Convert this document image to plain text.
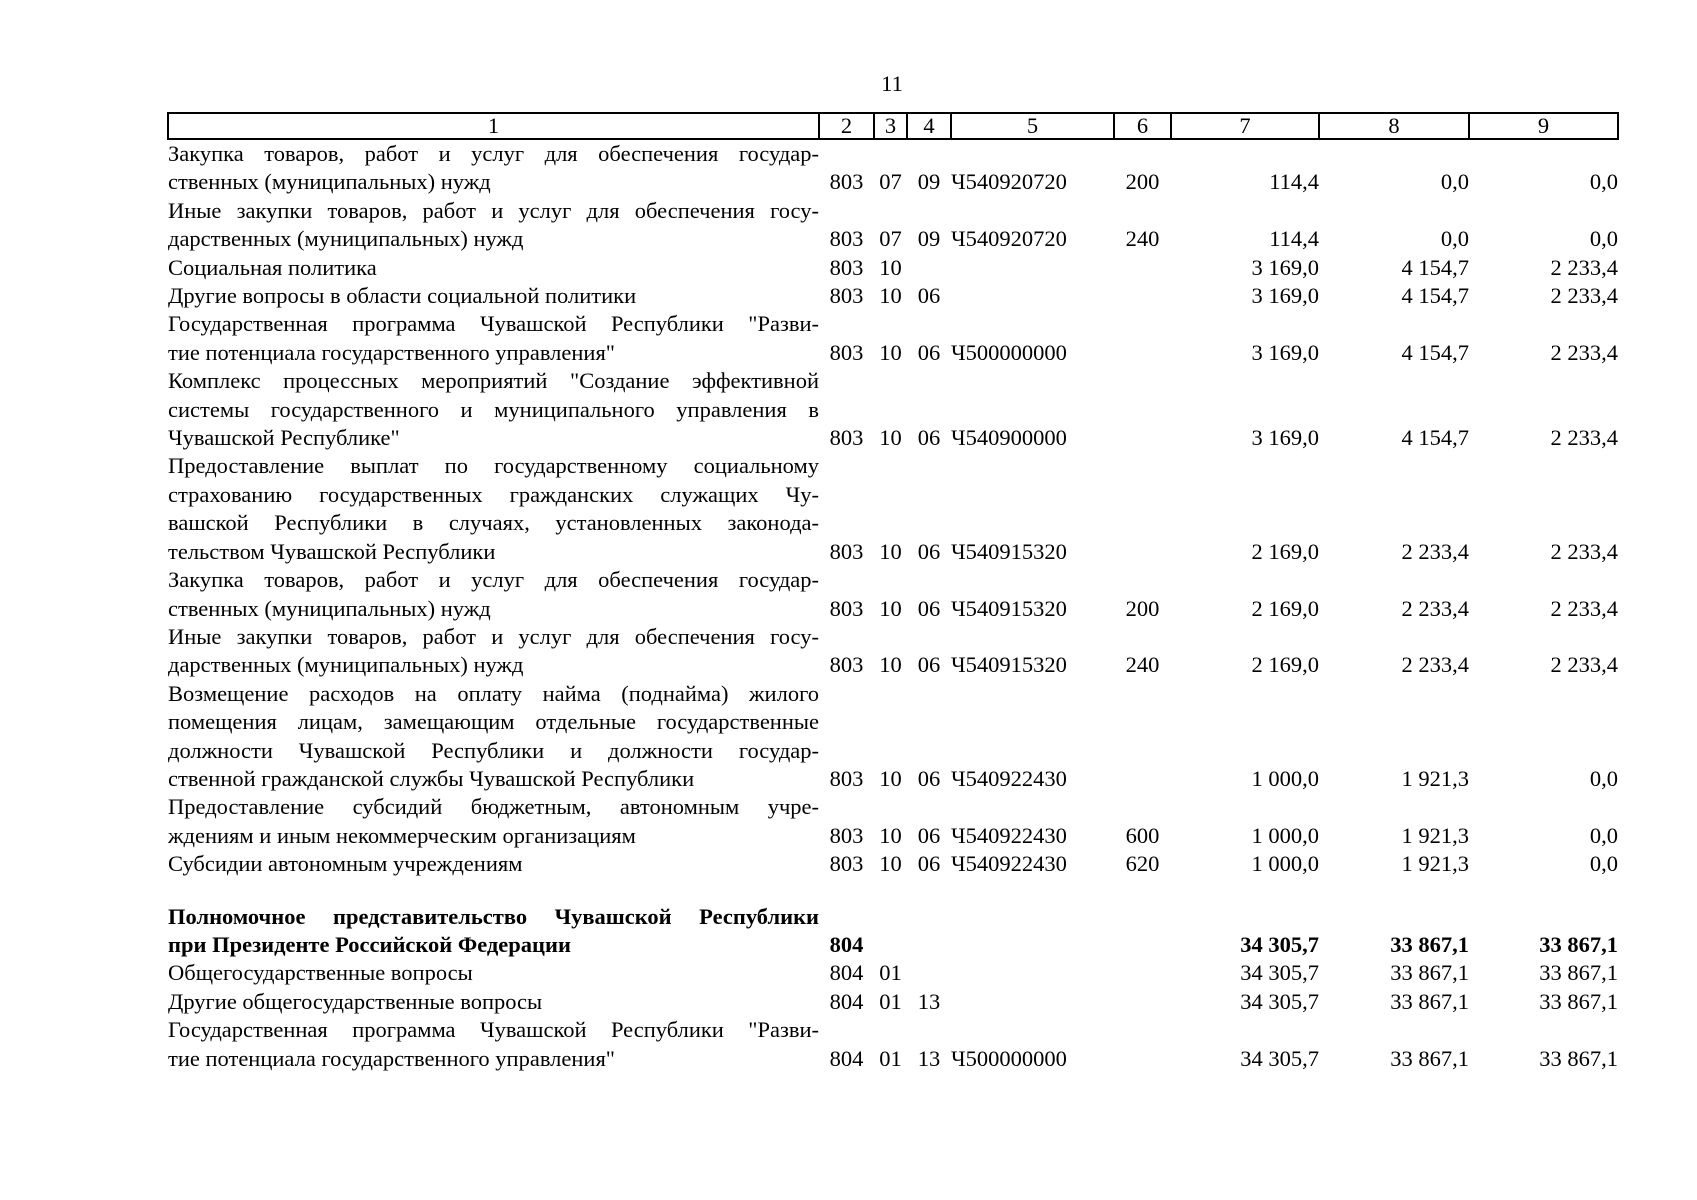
11
1	2	3	4	5	6	7	8	9

Закупка товаров, работ и услуг для обеспечения государ-
ственных (муниципальных) нужд	803	07	09	Ч540920720	200	114,4	0,0	0,0

Иные закупки товаров, работ и услуг для обеспечения госу-
дарственных (муниципальных) нужд	803	07	09	Ч540920720	240	114,4	0,0	0,0

Социальная политика	803	10				3 169,0	4 154,7	2 233,4

Другие вопросы в области социальной политики	803	10	06			3 169,0	4 154,7	2 233,4

Государственная программа Чувашской Республики "Разви-
тие потенциала государственного управления"	803	10	06	Ч500000000		3 169,0	4 154,7	2 233,4

Комплекс процессных мероприятий "Создание эффективной
системы государственного и муниципального управления в
Чувашской Республике"	803	10	06	Ч540900000		3 169,0	4 154,7	2 233,4

Предоставление выплат по государственному социальному
страхованию государственных гражданских служащих Чу-
вашской Республики в случаях, установленных законода-
тельством Чувашской Республики	803	10	06	Ч540915320		2 169,0	2 233,4	2 233,4

Закупка товаров, работ и услуг для обеспечения государ-
ственных (муниципальных) нужд	803	10	06	Ч540915320	200	2 169,0	2 233,4	2 233,4

Иные закупки товаров, работ и услуг для обеспечения госу-
дарственных (муниципальных) нужд	803	10	06	Ч540915320	240	2 169,0	2 233,4	2 233,4

Возмещение расходов на оплату найма (поднайма) жилого
помещения лицам, замещающим отдельные государственные
должности Чувашской Республики и должности государ-
ственной гражданской службы Чувашской Республики	803	10	06	Ч540922430		1 000,0	1 921,3	0,0

Предоставление субсидий бюджетным, автономным учре-
ждениям и иным некоммерческим организациям	803	10	06	Ч540922430	600	1 000,0	1 921,3	0,0

Субсидии автономным учреждениям	803	10	06	Ч540922430	620	1 000,0	1 921,3	0,0

Полномочное представительство Чувашской Республики
при Президенте Российской Федерации	804					34 305,7	33 867,1	33 867,1

Общегосударственные вопросы	804	01				34 305,7	33 867,1	33 867,1

Другие общегосударственные вопросы	804	01	13			34 305,7	33 867,1	33 867,1

Государственная программа Чувашской Республики "Разви-
тие потенциала государственного управления"	804	01	13	Ч500000000		34 305,7	33 867,1	33 867,1
